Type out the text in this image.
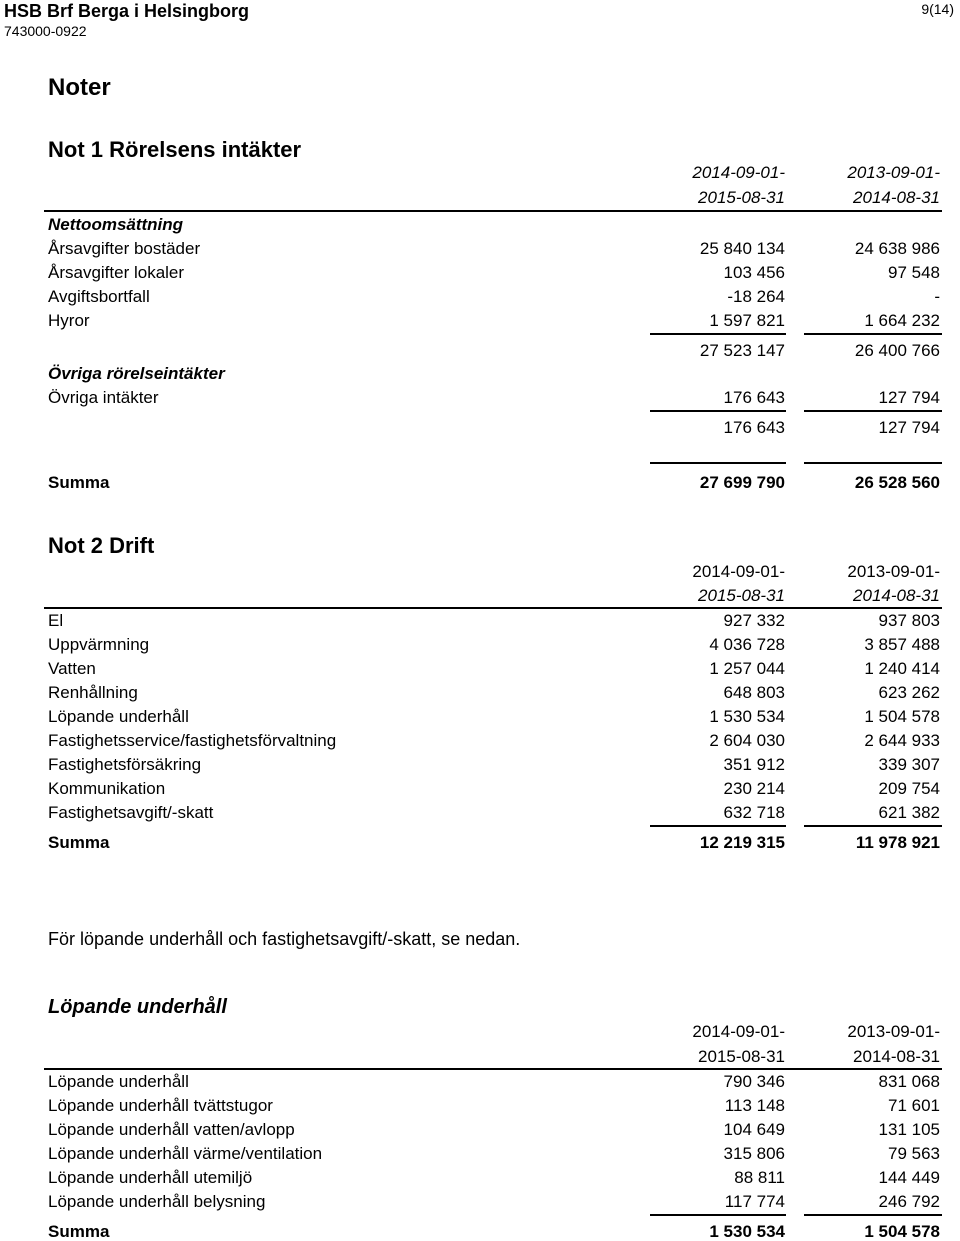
HSB Brf Berga i Helsingborg
743000-0922
9(14)
Noter
Not 1 Rörelsens intäkter
2014-09-01-
2015-08-31
2013-09-01-
2014-08-31
Nettoomsättning
Årsavgifter bostäder	25 840 134	24 638 986
Årsavgifter lokaler	103 456	97 548
Avgiftsbortfall	-18 264	-
Hyror	1 597 821	1 664 232
27 523 147	26 400 766
Övriga rörelseintäkter
Övriga intäkter	176 643	127 794
176 643	127 794
Summa	27 699 790	26 528 560
Not 2 Drift
2014-09-01-
2015-08-31
2013-09-01-
2014-08-31
El	927 332	937 803
Uppvärmning	4 036 728	3 857 488
Vatten	1 257 044	1 240 414
Renhållning	648 803	623 262
Löpande underhåll	1 530 534	1 504 578
Fastighetsservice/fastighetsförvaltning	2 604 030	2 644 933
Fastighetsförsäkring	351 912	339 307
Kommunikation	230 214	209 754
Fastighetsavgift/-skatt	632 718	621 382
Summa	12 219 315	11 978 921
För löpande underhåll och fastighetsavgift/-skatt, se nedan.
Löpande underhåll
2014-09-01-
2015-08-31
2013-09-01-
2014-08-31
Löpande underhåll	790 346	831 068
Löpande underhåll tvättstugor	113 148	71 601
Löpande underhåll vatten/avlopp	104 649	131 105
Löpande underhåll värme/ventilation	315 806	79 563
Löpande underhåll utemiljö	88 811	144 449
Löpande underhåll belysning	117 774	246 792
Summa	1 530 534	1 504 578
